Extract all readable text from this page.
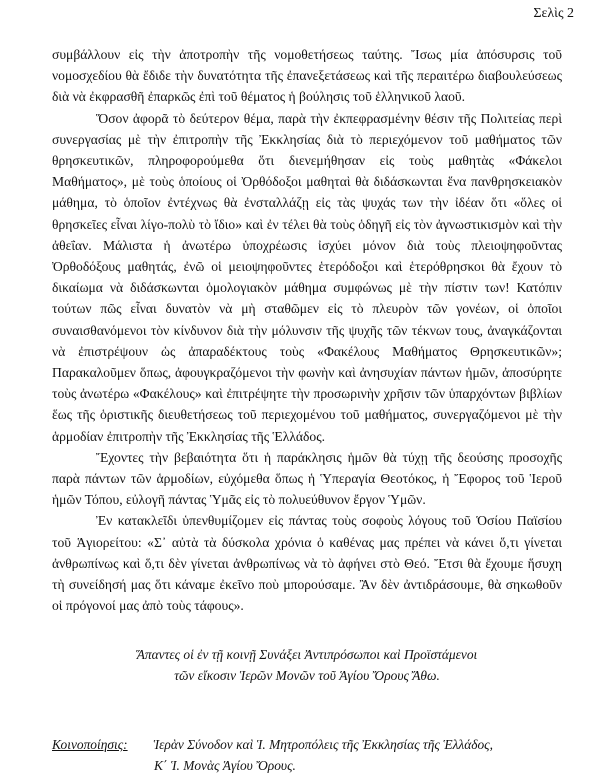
Σελὶς 2

συμβάλλουν εἰς τὴν ἀποτροπὴν τῆς νομοθετήσεως ταύτης. Ἴσως μία ἀπόσυρσις τοῦ νομοσχεδίου θὰ ἔδιδε τὴν δυνατότητα τῆς ἐπανεξετάσεως καὶ τῆς περαιτέρω διαβουλεύσεως διὰ νὰ ἐκφρασθῆ ἐπαρκῶς ἐπὶ τοῦ θέματος ἡ βούλησις τοῦ ἑλληνικοῦ λαοῦ.

Ὅσον ἀφορᾶ τὸ δεύτερον θέμα, παρὰ τὴν ἐκπεφρασμένην θέσιν τῆς Πολιτείας περὶ συνεργασίας μὲ τὴν ἐπιτροπὴν τῆς Ἐκκλησίας διὰ τὸ περιεχόμενον τοῦ μαθήματος τῶν θρησκευτικῶν, πληροφορούμεθα ὅτι διενεμήθησαν εἰς τοὺς μαθητὰς «Φάκελοι Μαθήματος», μὲ τοὺς ὁποίους οἱ Ὀρθόδοξοι μαθηταὶ θὰ διδάσκωνται ἕνα πανθρησκειακὸν μάθημα, τὸ ὁποῖον ἐντέχνως θὰ ἐνσταλλάζῃ εἰς τὰς ψυχάς των τὴν ἰδέαν ὅτι «ὅλες οἱ θρησκεῖες εἶναι λίγο-πολὺ τὸ ἴδιο» καὶ ἐν τέλει θὰ τοὺς ὁδηγῆ εἰς τὸν ἀγνωστικισμὸν καὶ τὴν ἀθεΐαν. Μάλιστα ἡ ἀνωτέρω ὑποχρέωσις ἰσχύει μόνον διὰ τοὺς πλειοψηφοῦντας Ὀρθοδόξους μαθητάς, ἐνῶ οἱ μειοψηφοῦντες ἑτερόδοξοι καὶ ἑτερόθρησκοι θὰ ἔχουν τὸ δικαίωμα νὰ διδάσκωνται ὁμολογιακὸν μάθημα συμφώνως μὲ τὴν πίστιν των! Κατόπιν τούτων πῶς εἶναι δυνατὸν νὰ μὴ σταθῶμεν εἰς τὸ πλευρὸν τῶν γονέων, οἱ ὁποῖοι συναισθανόμενοι τὸν κίνδυνον διὰ τὴν μόλυνσιν τῆς ψυχῆς τῶν τέκνων τους, ἀναγκάζονται νὰ ἐπιστρέψουν ὡς ἀπαραδέκτους τοὺς «Φακέλους Μαθήματος Θρησκευτικῶν»; Παρακαλοῦμεν ὅπως, ἀφουγκραζόμενοι τὴν φωνὴν καὶ ἀνησυχίαν πάντων ἡμῶν, ἀποσύρητε τοὺς ἀνωτέρω «Φακέλους» καὶ ἐπιτρέψητε τὴν προσωρινὴν χρῆσιν τῶν ὑπαρχόντων βιβλίων ἕως τῆς ὁριστικῆς διευθετήσεως τοῦ περιεχομένου τοῦ μαθήματος, συνεργαζόμενοι μὲ τὴν ἁρμοδίαν ἐπιτροπὴν τῆς Ἐκκλησίας τῆς Ἑλλάδος.

Ἔχοντες τὴν βεβαιότητα ὅτι ἡ παράκλησις ἡμῶν θὰ τύχῃ τῆς δεούσης προσοχῆς παρὰ πάντων τῶν ἁρμοδίων, εὐχόμεθα ὅπως ἡ Ὑπεραγία Θεοτόκος, ἡ Ἔφορος τοῦ Ἱεροῦ ἡμῶν Τόπου, εὐλογῆ πάντας Ὑμᾶς εἰς τὸ πολυεύθυνον ἔργον Ὑμῶν.

Ἐν κατακλεῖδι ὑπενθυμίζομεν εἰς πάντας τοὺς σοφοὺς λόγους τοῦ Ὁσίου Παϊσίου τοῦ Ἁγιορείτου: «Σ᾽ αὐτὰ τὰ δύσκολα χρόνια ὁ καθένας μας πρέπει νὰ κάνει ὅ,τι γίνεται ἀνθρωπίνως καὶ ὅ,τι δὲν γίνεται ἀνθρωπίνως νὰ τὸ ἀφήνει στὸ Θεό. Ἔτσι θὰ ἔχουμε ἥσυχη τὴ συνείδησή μας ὅτι κάναμε ἐκεῖνο ποὺ μπορούσαμε. Ἂν δὲν ἀντιδράσουμε, θὰ σηκωθοῦν οἱ πρόγονοί μας ἀπὸ τοὺς τάφους».

Ἅπαντες οἱ ἐν τῇ κοινῇ Συνάξει Ἀντιπρόσωποι καὶ Προϊστάμενοι
τῶν εἴκοσιν Ἱερῶν Μονῶν τοῦ Ἁγίου Ὄρους Ἄθω.
Κοινοποίησις: Ἱερὰν Σύνοδον καὶ Ἱ. Μητροπόλεις τῆς Ἐκκλησίας τῆς Ἑλλάδος,
Κ΄ Ἱ. Μονὰς Ἁγίου Ὄρους.
